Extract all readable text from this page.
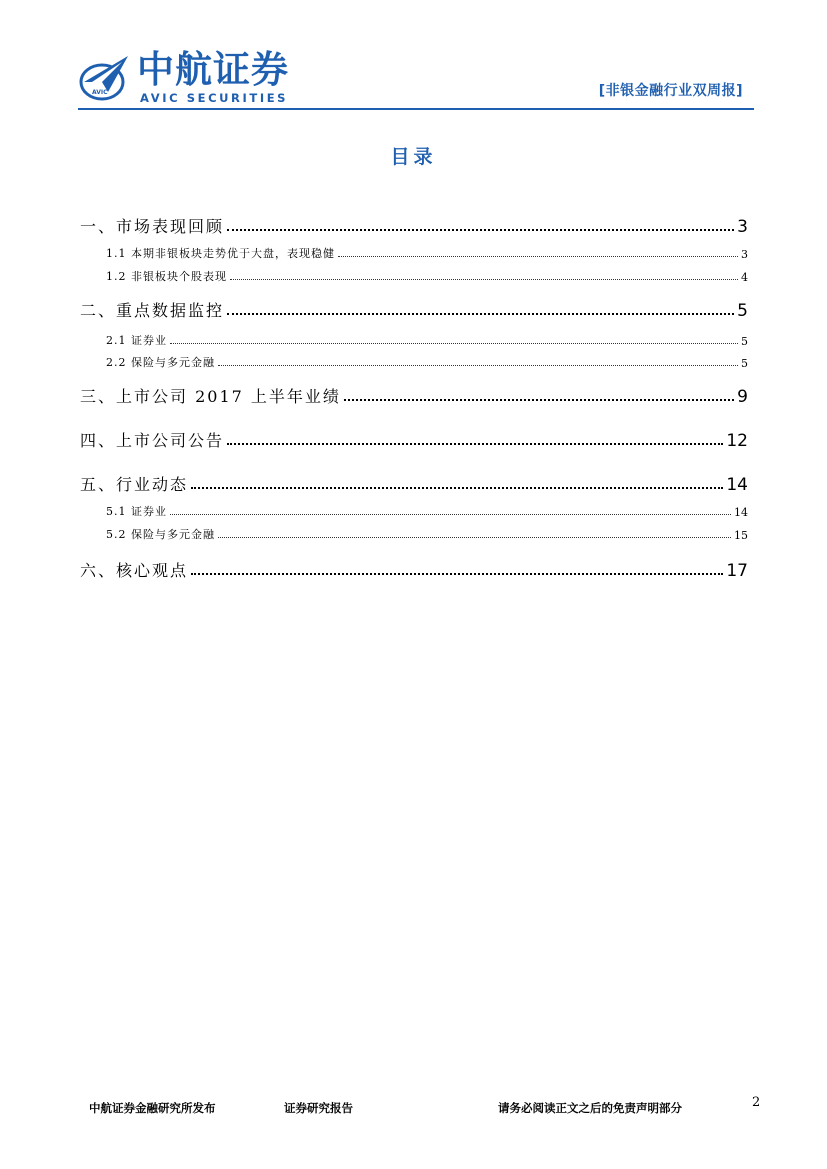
AVIC
中航证券
AVIC SECURITIES	[非银金融行业双周报]
目录
一、市场表现回顾	3
1.1 本期非银板块走势优于大盘，表现稳健	3
1.2 非银板块个股表现	4
二、重点数据监控	5
2.1 证券业	5
2.2 保险与多元金融	5
三、上市公司 2017 上半年业绩	9
四、上市公司公告	12
五、行业动态	14
5.1 证券业	14
5.2 保险与多元金融	15
六、核心观点	17
中航证券金融研究所发布	证券研究报告	请务必阅读正文之后的免责声明部分	2
